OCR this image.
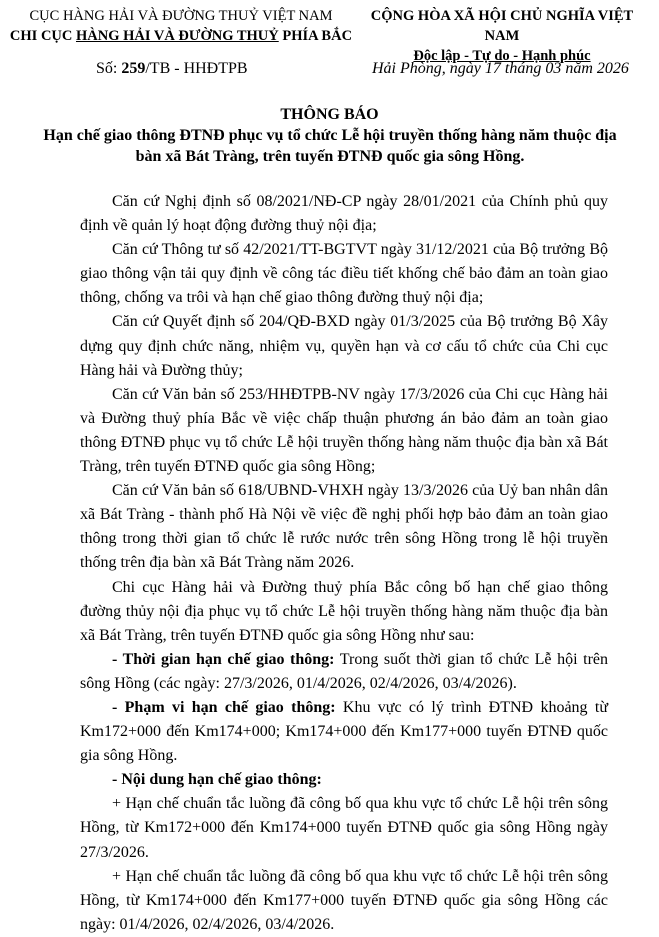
CỤC HÀNG HẢI VÀ ĐƯỜNG THUỶ VIỆT NAM
CHI CỤC HÀNG HẢI VÀ ĐƯỜNG THUỶ PHÍA BẮC
CỘNG HÒA XÃ HỘI CHỦ NGHĨA VIỆT NAM
Độc lập - Tự do - Hạnh phúc
Số: 259/TB - HHĐTPB	Hải Phòng, ngày 17 tháng 03 năm 2026
THÔNG BÁO
Hạn chế giao thông ĐTNĐ phục vụ tổ chức Lễ hội truyền thống hàng năm thuộc địa bàn xã Bát Tràng, trên tuyến ĐTNĐ quốc gia sông Hồng.

Căn cứ Nghị định số 08/2021/NĐ-CP ngày 28/01/2021 của Chính phủ quy định về quản lý hoạt động đường thuỷ nội địa;

Căn cứ Thông tư số 42/2021/TT-BGTVT ngày 31/12/2021 của Bộ trưởng Bộ giao thông vận tải quy định về công tác điều tiết khống chế bảo đảm an toàn giao thông, chống va trôi và hạn chế giao thông đường thuỷ nội địa;

Căn cứ Quyết định số 204/QĐ-BXD ngày 01/3/2025 của Bộ trưởng Bộ Xây dựng quy định chức năng, nhiệm vụ, quyền hạn và cơ cấu tổ chức của Chi cục Hàng hải và Đường thủy;

Căn cứ Văn bản số 253/HHĐTPB-NV ngày 17/3/2026 của Chi cục Hàng hải và Đường thuỷ phía Bắc về việc chấp thuận phương án bảo đảm an toàn giao thông ĐTNĐ phục vụ tổ chức Lễ hội truyền thống hàng năm thuộc địa bàn xã Bát Tràng, trên tuyến ĐTNĐ quốc gia sông Hồng;

Căn cứ Văn bản số 618/UBND-VHXH ngày 13/3/2026 của Uỷ ban nhân dân xã Bát Tràng - thành phố Hà Nội về việc đề nghị phối hợp bảo đảm an toàn giao thông trong thời gian tổ chức lễ rước nước trên sông Hồng trong lễ hội truyền thống trên địa bàn xã Bát Tràng năm 2026.

Chi cục Hàng hải và Đường thuỷ phía Bắc công bố hạn chế giao thông đường thủy nội địa phục vụ tổ chức Lễ hội truyền thống hàng năm thuộc địa bàn xã Bát Tràng, trên tuyến ĐTNĐ quốc gia sông Hồng như sau:

- Thời gian hạn chế giao thông: Trong suốt thời gian tổ chức Lễ hội trên sông Hồng (các ngày: 27/3/2026, 01/4/2026, 02/4/2026, 03/4/2026).

- Phạm vi hạn chế giao thông: Khu vực có lý trình ĐTNĐ khoảng từ Km172+000 đến Km174+000; Km174+000 đến Km177+000 tuyến ĐTNĐ quốc gia sông Hồng.

- Nội dung hạn chế giao thông:

+ Hạn chế chuẩn tắc luồng đã công bố qua khu vực tổ chức Lễ hội trên sông Hồng, từ Km172+000 đến Km174+000 tuyến ĐTNĐ quốc gia sông Hồng ngày 27/3/2026.

+ Hạn chế chuẩn tắc luồng đã công bố qua khu vực tổ chức Lễ hội trên sông Hồng, từ Km174+000 đến Km177+000 tuyến ĐTNĐ quốc gia sông Hồng các ngày: 01/4/2026, 02/4/2026, 03/4/2026.
